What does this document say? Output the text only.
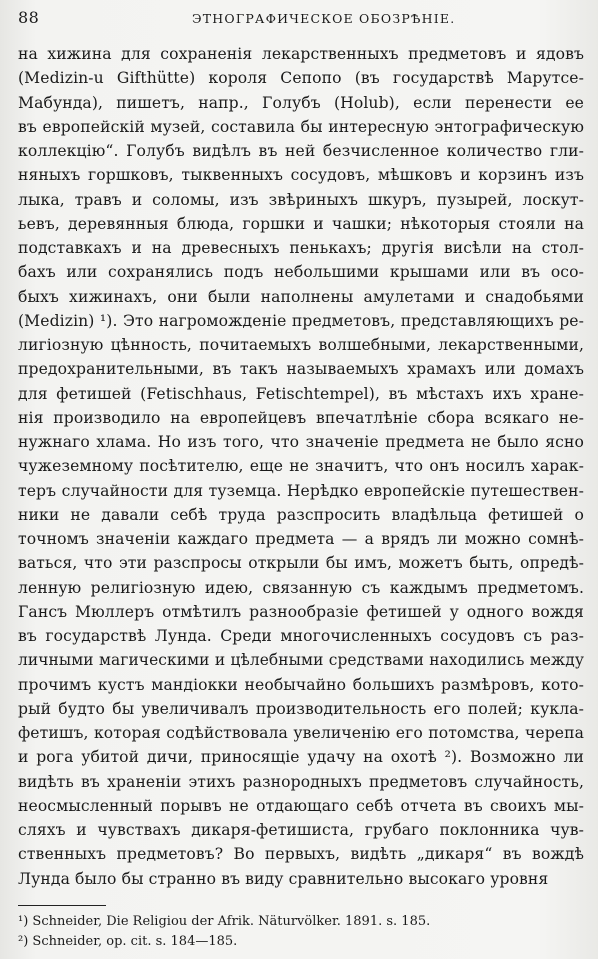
88	ЭТНОГРАФИЧЕСКОЕ ОБОЗРѢНІЕ.
на хижина для сохраненія лекарственныхъ предметовъ и ядовъ
(Medizin-u Gifthütte) короля Сепопо (въ государствѣ Марутсе-
Мабунда), пишетъ, напр., Голубъ (Holub), если перенести ее
въ европейскій музей, составила бы интересную энтографическую
коллекцію“. Голубъ видѣлъ въ ней безчисленное количество гли-
няныхъ горшковъ, тыквенныхъ сосудовъ, мѣшковъ и корзинъ изъ
лыка, травъ и соломы, изъ звѣриныхъ шкуръ, пузырей, лоскут-
ьевъ, деревянныя блюда, горшки и чашки; нѣкоторыя стояли на
подставкахъ и на древесныхъ пенькахъ; другія висѣли на стол-
бахъ или сохранялись подъ небольшими крышами или въ осо-
быхъ хижинахъ, они были наполнены амулетами и снадобьями
(Medizin) ¹). Это нагроможденіе предметовъ, представляющихъ ре-
лигіозную цѣнность, почитаемыхъ волшебными, лекарственными,
предохранительными, въ такъ называемыхъ храмахъ или домахъ
для фетишей (Fetischhaus, Fetischtempel), въ мѣстахъ ихъ хране-
нія производило на европейцевъ впечатлѣніе сбора всякаго не-
нужнаго хлама. Но изъ того, что значеніе предмета не было ясно
чужеземному посѣтителю, еще не значитъ, что онъ носилъ харак-
теръ случайности для туземца. Нерѣдко европейскіе путешествен-
ники не давали себѣ труда разспросить владѣльца фетишей о
точномъ значеніи каждаго предмета — а врядъ ли можно сомнѣ-
ваться, что эти разспросы открыли бы имъ, можетъ быть, опредѣ-
ленную религіозную идею, связанную съ каждымъ предметомъ.
Гансъ Мюллеръ отмѣтилъ разнообразіе фетишей у одного вождя
въ государствѣ Лунда. Среди многочисленныхъ сосудовъ съ раз-
личными магическими и цѣлебными средствами находились между
прочимъ кустъ мандіокки необычайно большихъ размѣровъ, кото-
рый будто бы увеличивалъ производительность его полей; кукла-
фетишъ, которая содѣйствовала увеличенію его потомства, черепа
и рога убитой дичи, приносящіе удачу на охотѣ ²). Возможно ли
видѣть въ храненіи этихъ разнородныхъ предметовъ случайность,
неосмысленный порывъ не отдающаго себѣ отчета въ своихъ мы-
сляхъ и чувствахъ дикаря-фетишиста, грубаго поклонника чув-
ственныхъ предметовъ? Во первыхъ, видѣть „дикаря“ въ вождѣ
Лунда было бы странно въ виду сравнительно высокаго уровня
¹) Schneider, Die Religiou der Afrik. Näturvölker. 1891. s. 185.
²) Schneider, op. cit. s. 184—185.
